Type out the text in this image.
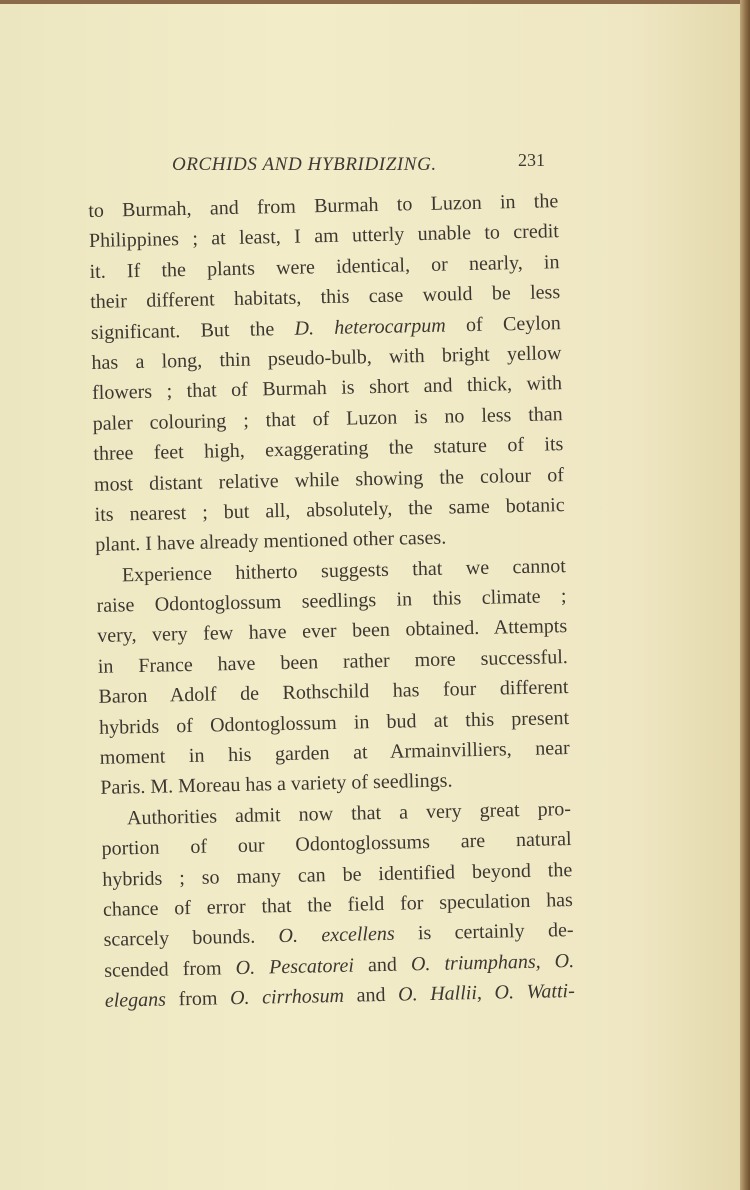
ORCHIDS AND HYBRIDIZING.	231
to Burmah, and from Burmah to Luzon in the
Philippines ; at least, I am utterly unable to credit
it. If the plants were identical, or nearly, in
their different habitats, this case would be less
significant. But the D. heterocarpum of Ceylon
has a long, thin pseudo-bulb, with bright yellow
flowers ; that of Burmah is short and thick, with
paler colouring ; that of Luzon is no less than
three feet high, exaggerating the stature of its
most distant relative while showing the colour of
its nearest ; but all, absolutely, the same botanic
plant. I have already mentioned other cases.
Experience hitherto suggests that we cannot
raise Odontoglossum seedlings in this climate ;
very, very few have ever been obtained. Attempts
in France have been rather more successful.
Baron Adolf de Rothschild has four different
hybrids of Odontoglossum in bud at this present
moment in his garden at Armainvilliers, near
Paris. M. Moreau has a variety of seedlings.
Authorities admit now that a very great pro-
portion of our Odontoglossums are natural
hybrids ; so many can be identified beyond the
chance of error that the field for speculation has
scarcely bounds. O. excellens is certainly de-
scended from O. Pescatorei and O. triumphans, O.
elegans from O. cirrhosum and O. Hallii, O. Watti-
